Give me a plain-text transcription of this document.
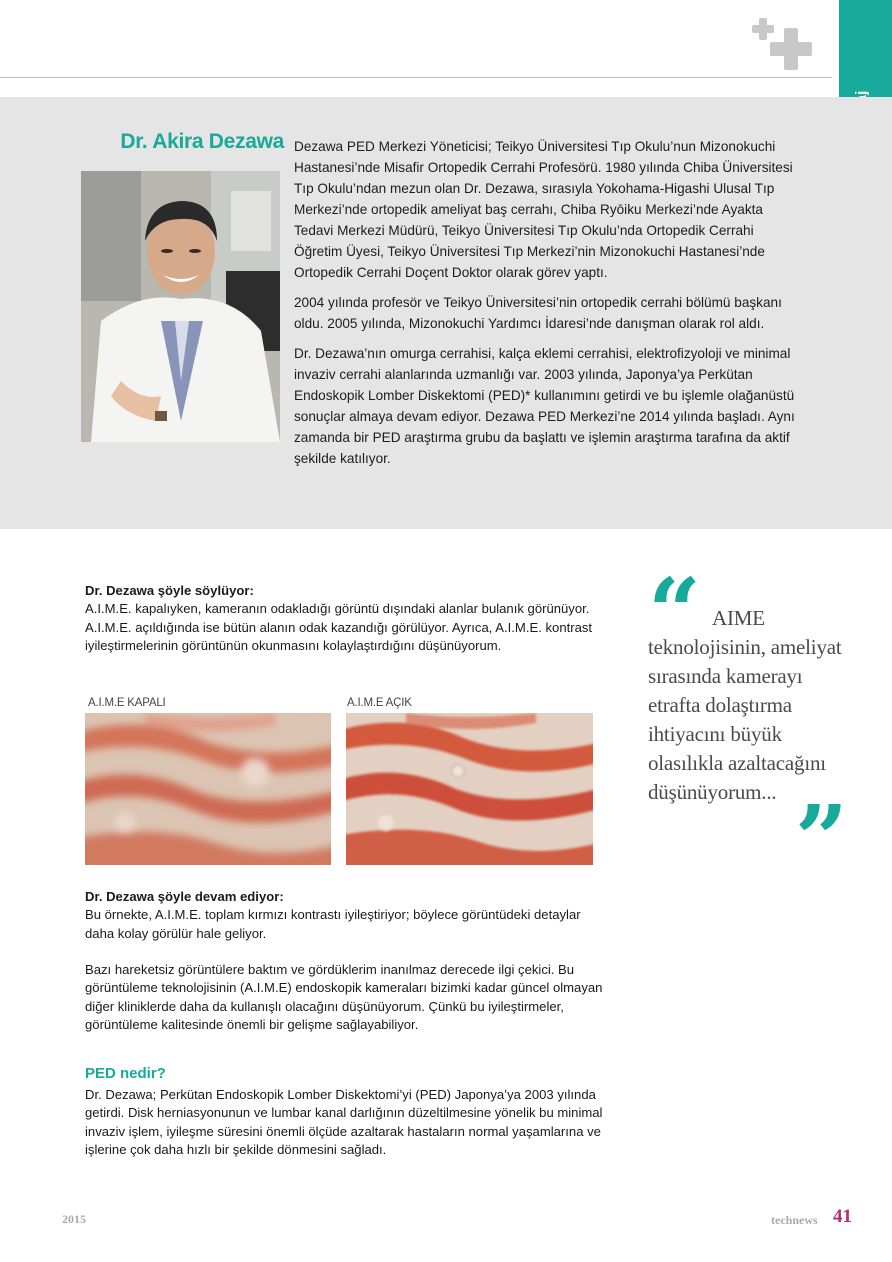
Dr. Akira Dezawa Dezawa PED Merkezi Yöneticisi; Teikyo Üniversitesi Tıp Okulu’nun Mizonokuchi Hastanesi’nde Misafir Ortopedik Cerrahi Profesörü. 1980 yılında Chiba Üniversitesi Tıp Okulu’ndan mezun olan Dr. Dezawa, sırasıyla Yokohama-Higashi Ulusal Tıp Merkezi’nde ortopedik ameliyat baş cerrahı, Chiba Ryōiku Merkezi’nde Ayakta Tedavi Merkezi Müdürü, Teikyo Üniversitesi Tıp Okulu’nda Ortopedik Cerrahi Öğretim Üyesi, Teikyo Üniversitesi Tıp Merkezi’nin Mizonokuchi Hastanesi’nde Ortopedik Cerrahi Doçent Doktor olarak görev yaptı.

2004 yılında profesör ve Teikyo Üniversitesi’nin ortopedik cerrahi bölümü başkanı oldu. 2005 yılında, Mizonokuchi Yardımcı İdaresi’nde danışman olarak rol aldı.

Dr. Dezawa’nın omurga cerrahisi, kalça eklemi cerrahisi, elektrofizyoloji ve minimal invaziv cerrahi alanlarında uzmanlığı var. 2003 yılında, Japonya’ya Perkütan Endoskopik Lomber Diskektomi (PED)* kullanımını getirdi ve bu işlemle olağanüstü sonuçlar almaya devam ediyor. Dezawa PED Merkezi’ne 2014 yılında başladı. Aynı zamanda bir PED araştırma grubu da başlattı ve işlemin araştırma tarafına da aktif şekilde katılıyor.

Dr. Dezawa şöyle söylüyor:
A.I.M.E. kapalıyken, kameranın odakladığı görüntü dışındaki alanlar bulanık görünüyor. A.I.M.E. açıldığında ise bütün alanın odak kazandığı görülüyor. Ayrıca, A.I.M.E. kontrast iyileştirmelerinin görüntünün okunmasını kolaylaştırdığını düşünüyorum.
A.I.M.E KAPALI	A.I.M.E AÇIK
Dr. Dezawa şöyle devam ediyor:
Bu örnekte, A.I.M.E. toplam kırmızı kontrastı iyileştiriyor; böylece görüntüdeki detaylar daha kolay görülür hale geliyor.
Bazı hareketsiz görüntülere baktım ve gördüklerim inanılmaz derecede ilgi çekici. Bu görüntüleme teknolojisinin (A.I.M.E) endoskopik kameraları bizimki kadar güncel olmayan diğer kliniklerde daha da kullanışlı olacağını düşünüyorum. Çünkü bu iyileştirmeler, görüntüleme kalitesinde önemli bir gelişme sağlayabiliyor.
PED nedir?
Dr. Dezawa; Perkütan Endoskopik Lomber Diskektomi’yi (PED) Japonya’ya 2003 yılında getirdi. Disk herniasyonunun ve lumbar kanal darlığının düzeltilmesine yönelik bu minimal invaziv işlem, iyileşme süresini önemli ölçüde azaltarak hastaların normal yaşamlarına ve işlerine çok daha hızlı bir şekilde dönmesini sağladı.
“ AIME teknolojisinin, ameliyat sırasında kamerayı etrafta dolaştırma ihtiyacını büyük olasılıkla azaltacağını düşünüyorum... ”
2015	technews 41
